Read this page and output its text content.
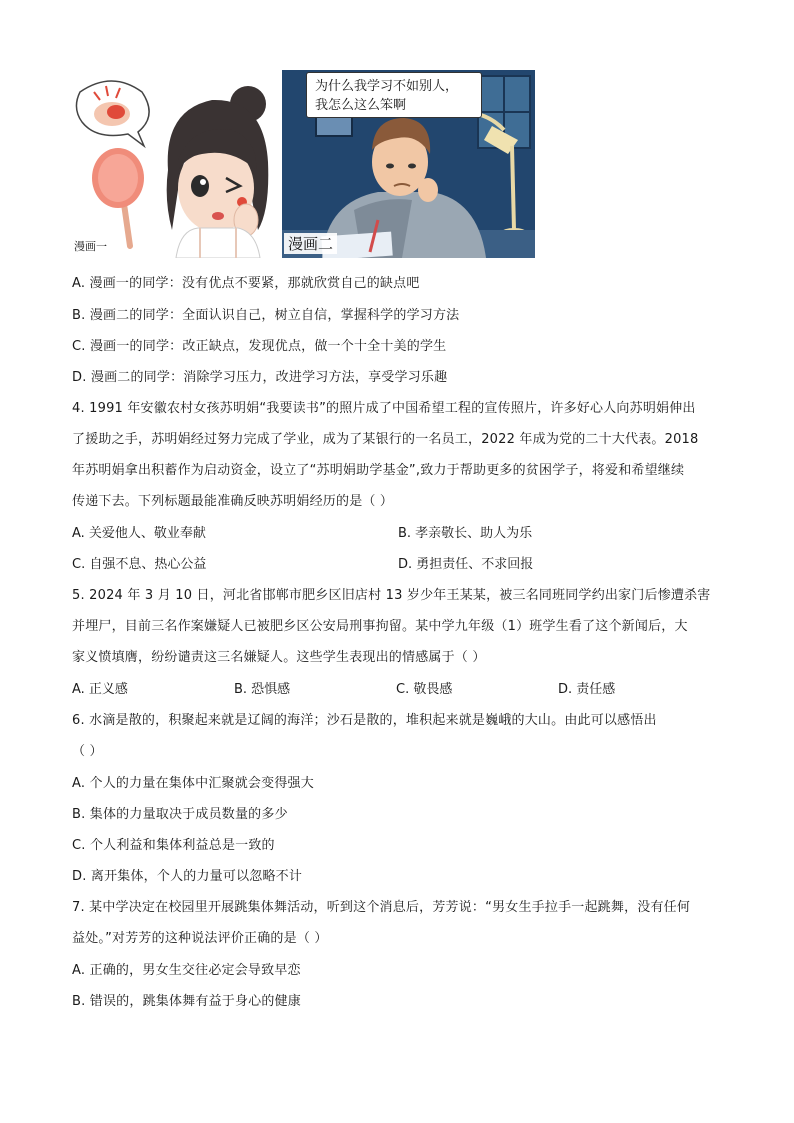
漫画一
为什么我学习不如别人，
我怎么这么笨啊
漫画二
A. 漫画一的同学：没有优点不要紧，那就欣赏自己的缺点吧
B. 漫画二的同学：全面认识自己，树立自信，掌握科学的学习方法
C. 漫画一的同学：改正缺点，发现优点，做一个十全十美的学生
D. 漫画二的同学：消除学习压力，改进学习方法，享受学习乐趣
4. 1991 年安徽农村女孩苏明娟“我要读书”的照片成了中国希望工程的宣传照片，许多好心人向苏明娟伸出
了援助之手，苏明娟经过努力完成了学业，成为了某银行的一名员工，2022 年成为党的二十大代表。2018
年苏明娟拿出积蓄作为启动资金，设立了“苏明娟助学基金”,致力于帮助更多的贫困学子，将爱和希望继续
传递下去。下列标题最能准确反映苏明娟经历的是（ ）
A. 关爱他人、敬业奉献	B. 孝亲敬长、助人为乐
C. 自强不息、热心公益	D. 勇担责任、不求回报
5. 2024 年 3 月 10 日，河北省邯郸市肥乡区旧店村 13 岁少年王某某，被三名同班同学约出家门后惨遭杀害
并埋尸，目前三名作案嫌疑人已被肥乡区公安局刑事拘留。某中学九年级（1）班学生看了这个新闻后，大
家义愤填膺，纷纷谴责这三名嫌疑人。这些学生表现出的情感属于（ ）
A. 正义感	B. 恐惧感	C. 敬畏感	D. 责任感
6. 水滴是散的，积聚起来就是辽阔的海洋；沙石是散的，堆积起来就是巍峨的大山。由此可以感悟出
（ ）
A. 个人的力量在集体中汇聚就会变得强大
B. 集体的力量取决于成员数量的多少
C. 个人利益和集体利益总是一致的
D. 离开集体，个人的力量可以忽略不计
7. 某中学决定在校园里开展跳集体舞活动，听到这个消息后，芳芳说：“男女生手拉手一起跳舞，没有任何
益处。”对芳芳的这种说法评价正确的是（ ）
A. 正确的，男女生交往必定会导致早恋
B. 错误的，跳集体舞有益于身心的健康
